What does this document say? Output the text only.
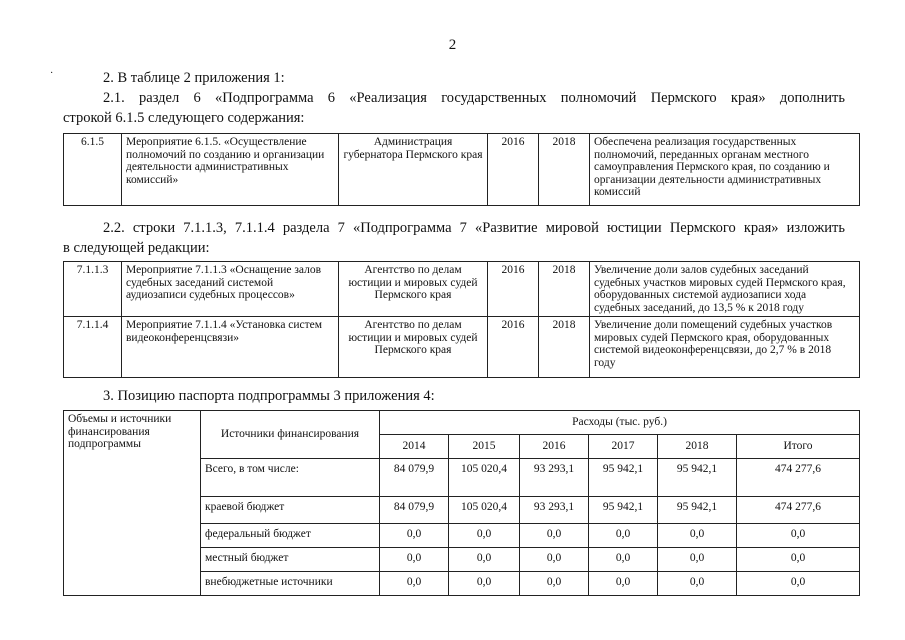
2
·	2. В таблице 2 приложения 1:
2.1. раздел 6 «Подпрограмма 6 «Реализация государственных полномочий Пермского края» дополнить
строкой 6.1.5 следующего содержания:
6.1.5	Мероприятие 6.1.5. «Осуществление полномочий по созданию и организации деятельности административных комиссий»	Администрация губернатора Пермского края	2016	2018	Обеспечена реализация государственных полномочий, переданных органам местного самоуправления Пермского края, по созданию и организации деятельности административных комиссий
2.2. строки 7.1.1.3, 7.1.1.4 раздела 7 «Подпрограмма 7 «Развитие мировой юстиции Пермского края» изложить
в следующей редакции:
7.1.1.3	Мероприятие 7.1.1.3 «Оснащение залов судебных заседаний системой аудиозаписи судебных процессов»	Агентство по делам юстиции и мировых судей Пермского края	2016	2018	Увеличение доли залов судебных заседаний судебных участков мировых судей Пермского края, оборудованных системой аудиозаписи хода судебных заседаний, до 13,5 % к 2018 году
7.1.1.4	Мероприятие 7.1.1.4 «Установка систем видеоконференцсвязи»	Агентство по делам юстиции и мировых судей Пермского края	2016	2018	Увеличение доли помещений судебных участков мировых судей Пермского края, оборудованных системой видеоконференцсвязи, до 2,7 % в 2018 году
3. Позицию паспорта подпрограммы 3 приложения 4:
Объемы и источники финансирования подпрограммы	Источники финансирования	Расходы (тыс. руб.)					
		2014	2015	2016	2017	2018	Итого
	Всего, в том числе:	84 079,9	105 020,4	93 293,1	95 942,1	95 942,1	474 277,6
	краевой бюджет	84 079,9	105 020,4	93 293,1	95 942,1	95 942,1	474 277,6
	федеральный бюджет	0,0	0,0	0,0	0,0	0,0	0,0
	местный бюджет	0,0	0,0	0,0	0,0	0,0	0,0
	внебюджетные источники	0,0	0,0	0,0	0,0	0,0	0,0
